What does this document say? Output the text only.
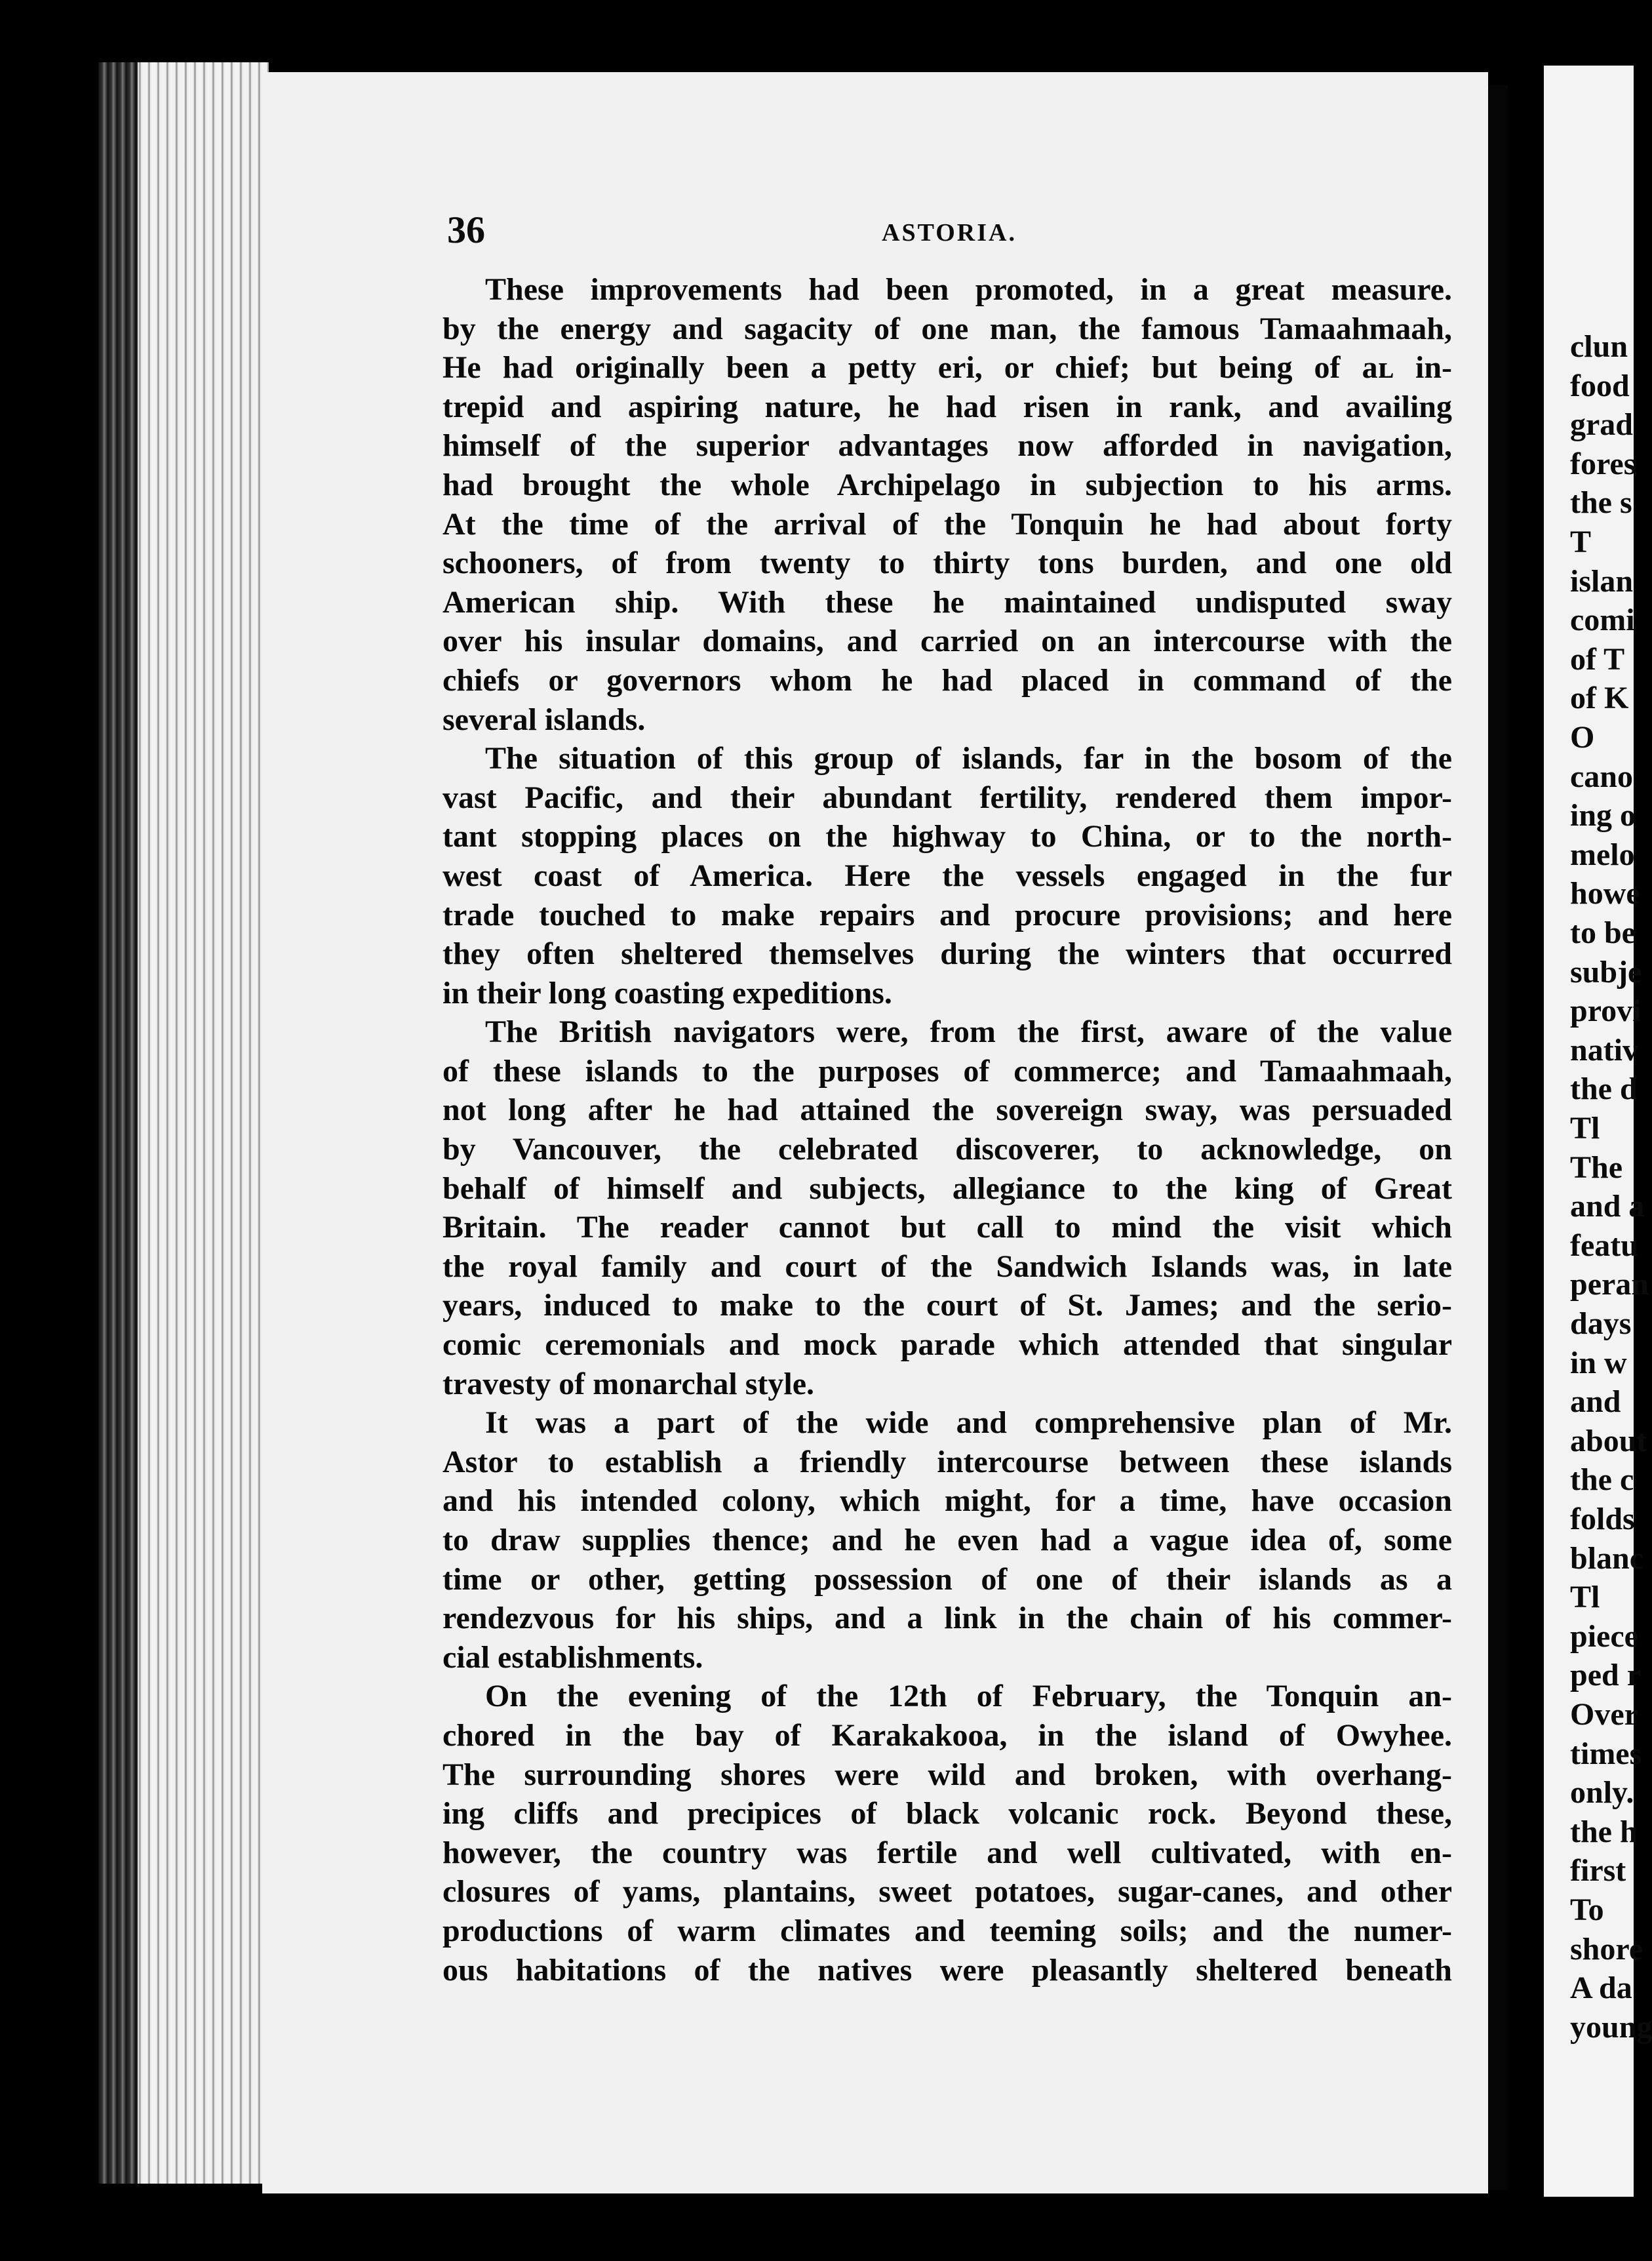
clun
food
grad
fores
the s
T
islan
comi
of T
of K
O
cano
ing o
melo
howe
to be
subje
provi
nativ
the d
Tl
The
and a
featu
peran
days
in w
and
about
the c
folds
blanc
Tl
piece
ped r
Over
times
only.
the h
first
To
shore
A da
young
36	ASTORIA.
These improvements had been promoted, in a great measure.
by the energy and sagacity of one man, the famous Tamaahmaah,
He had originally been a petty eri, or chief; but being of aʟ in-
trepid and aspiring nature, he had risen in rank, and availing
himself of the superior advantages now afforded in navigation,
had brought the whole Archipelago in subjection to his arms.
At the time of the arrival of the Tonquin he had about forty
schooners, of from twenty to thirty tons burden, and one old
American ship. With these he maintained undisputed sway
over his insular domains, and carried on an intercourse with the
chiefs or governors whom he had placed in command of the
several islands.
The situation of this group of islands, far in the bosom of the
vast Pacific, and their abundant fertility, rendered them impor-
tant stopping places on the highway to China, or to the north-
west coast of America. Here the vessels engaged in the fur
trade touched to make repairs and procure provisions; and here
they often sheltered themselves during the winters that occurred
in their long coasting expeditions.
The British navigators were, from the first, aware of the value
of these islands to the purposes of commerce; and Tamaahmaah,
not long after he had attained the sovereign sway, was persuaded
by Vancouver, the celebrated discoverer, to acknowledge, on
behalf of himself and subjects, allegiance to the king of Great
Britain. The reader cannot but call to mind the visit which
the royal family and court of the Sandwich Islands was, in late
years, induced to make to the court of St. James; and the serio-
comic ceremonials and mock parade which attended that singular
travesty of monarchal style.
It was a part of the wide and comprehensive plan of Mr.
Astor to establish a friendly intercourse between these islands
and his intended colony, which might, for a time, have occasion
to draw supplies thence; and he even had a vague idea of, some
time or other, getting possession of one of their islands as a
rendezvous for his ships, and a link in the chain of his commer-
cial establishments.
On the evening of the 12th of February, the Tonquin an-
chored in the bay of Karakakooa, in the island of Owyhee.
The surrounding shores were wild and broken, with overhang-
ing cliffs and precipices of black volcanic rock. Beyond these,
however, the country was fertile and well cultivated, with en-
closures of yams, plantains, sweet potatoes, sugar-canes, and other
productions of warm climates and teeming soils; and the numer-
ous habitations of the natives were pleasantly sheltered beneath
